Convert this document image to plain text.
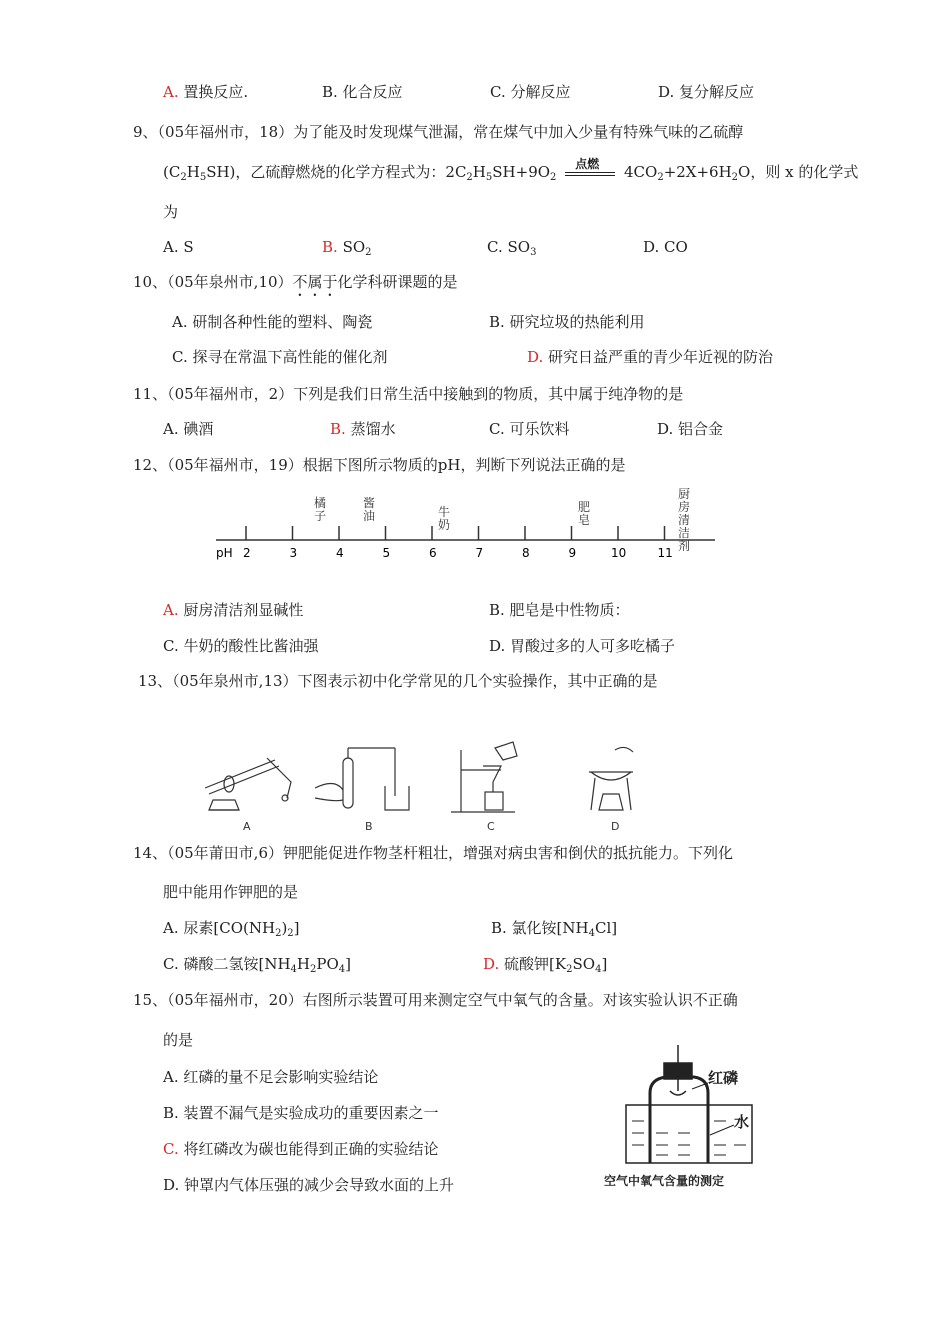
A. 置换反应.	B. 化合反应	C. 分解反应	D. 复分解反应
9、（05年福州市，18）为了能及时发现煤气泄漏，常在煤气中加入少量有特殊气味的乙硫醇
$(C_2H_5SH)$，乙硫醇燃烧的化学方程式为：$2C_2H_5SH+9O_2$
点燃 $4CO_2+2X+6H_2O$，则 x 的化学式
为
A. S	B. $SO_2$	C. $SO_3$	D. CO
10、（05年泉州市,10）不属于化学科研课题的是
A. 研制各种性能的塑料、陶瓷	B. 研究垃圾的热能利用
C. 探寻在常温下高性能的催化剂	D. 研究日益严重的青少年近视的防治
11、（05年福州市，2）下列是我们日常生活中接触到的物质，其中属于纯净物的是
A. 碘酒	B. 蒸馏水	C. 可乐饮料	D. 铝合金
12、（05年福州市，19）根据下图所示物质的pH，判断下列说法正确的是
pH 2	3	4	5	6	7	8	9	10	11
橘子
酱油	牛奶
肥皂
厨房清洁剂
A. 厨房清洁剂显碱性	B. 肥皂是中性物质：
C. 牛奶的酸性比酱油强	D. 胃酸过多的人可多吃橘子
13、（05年泉州市,13）下图表示初中化学常见的几个实验操作，其中正确的是
A	B	C	D
14、（05年莆田市,6）钾肥能促进作物茎杆粗壮，增强对病虫害和倒伏的抵抗能力。下列化
肥中能用作钾肥的是
A. 尿素$[CO(NH_2)_2]$	B. 氯化铵$[NH_4Cl]$
C. 磷酸二氢铵$[NH_4H_2PO_4]$	D. 硫酸钾$[K_2SO_4]$
15、（05年福州市，20）右图所示装置可用来测定空气中氧气的含量。对该实验认识不正确
的是
A. 红磷的量不足会影响实验结论
B. 装置不漏气是实验成功的重要因素之一
C. 将红磷改为碳也能得到正确的实验结论
D. 钟罩内气体压强的减少会导致水面的上升
红磷
水
空气中氧气含量的测定
